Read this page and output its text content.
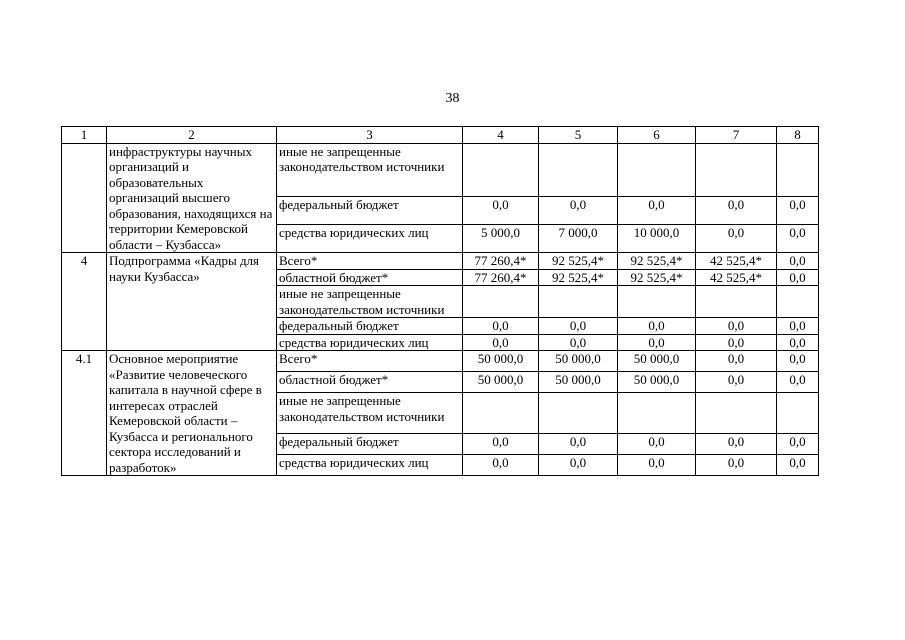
38
1	2	3	4	5	6	7	8
	инфраструктуры научных организаций и образовательных организаций высшего образования, находящихся на территории Кемеровской области – Кузбасса»	иные не запрещенные законодательством источники					
		федеральный бюджет	0,0	0,0	0,0	0,0	0,0
		средства юридических лиц	5 000,0	7 000,0	10 000,0	0,0	0,0
4	Подпрограмма «Кадры для науки Кузбасса»	Всего*	77 260,4*	92 525,4*	92 525,4*	42 525,4*	0,0
		областной бюджет*	77 260,4*	92 525,4*	92 525,4*	42 525,4*	0,0
		иные не запрещенные законодательством источники					
		федеральный бюджет	0,0	0,0	0,0	0,0	0,0
		средства юридических лиц	0,0	0,0	0,0	0,0	0,0
4.1	Основное мероприятие «Развитие человеческого капитала в научной сфере в интересах отраслей Кемеровской области – Кузбасса и регионального сектора исследований и разработок»	Всего*	50 000,0	50 000,0	50 000,0	0,0	0,0
		областной бюджет*	50 000,0	50 000,0	50 000,0	0,0	0,0
		иные не запрещенные законодательством источники					
		федеральный бюджет	0,0	0,0	0,0	0,0	0,0
		средства юридических лиц	0,0	0,0	0,0	0,0	0,0
